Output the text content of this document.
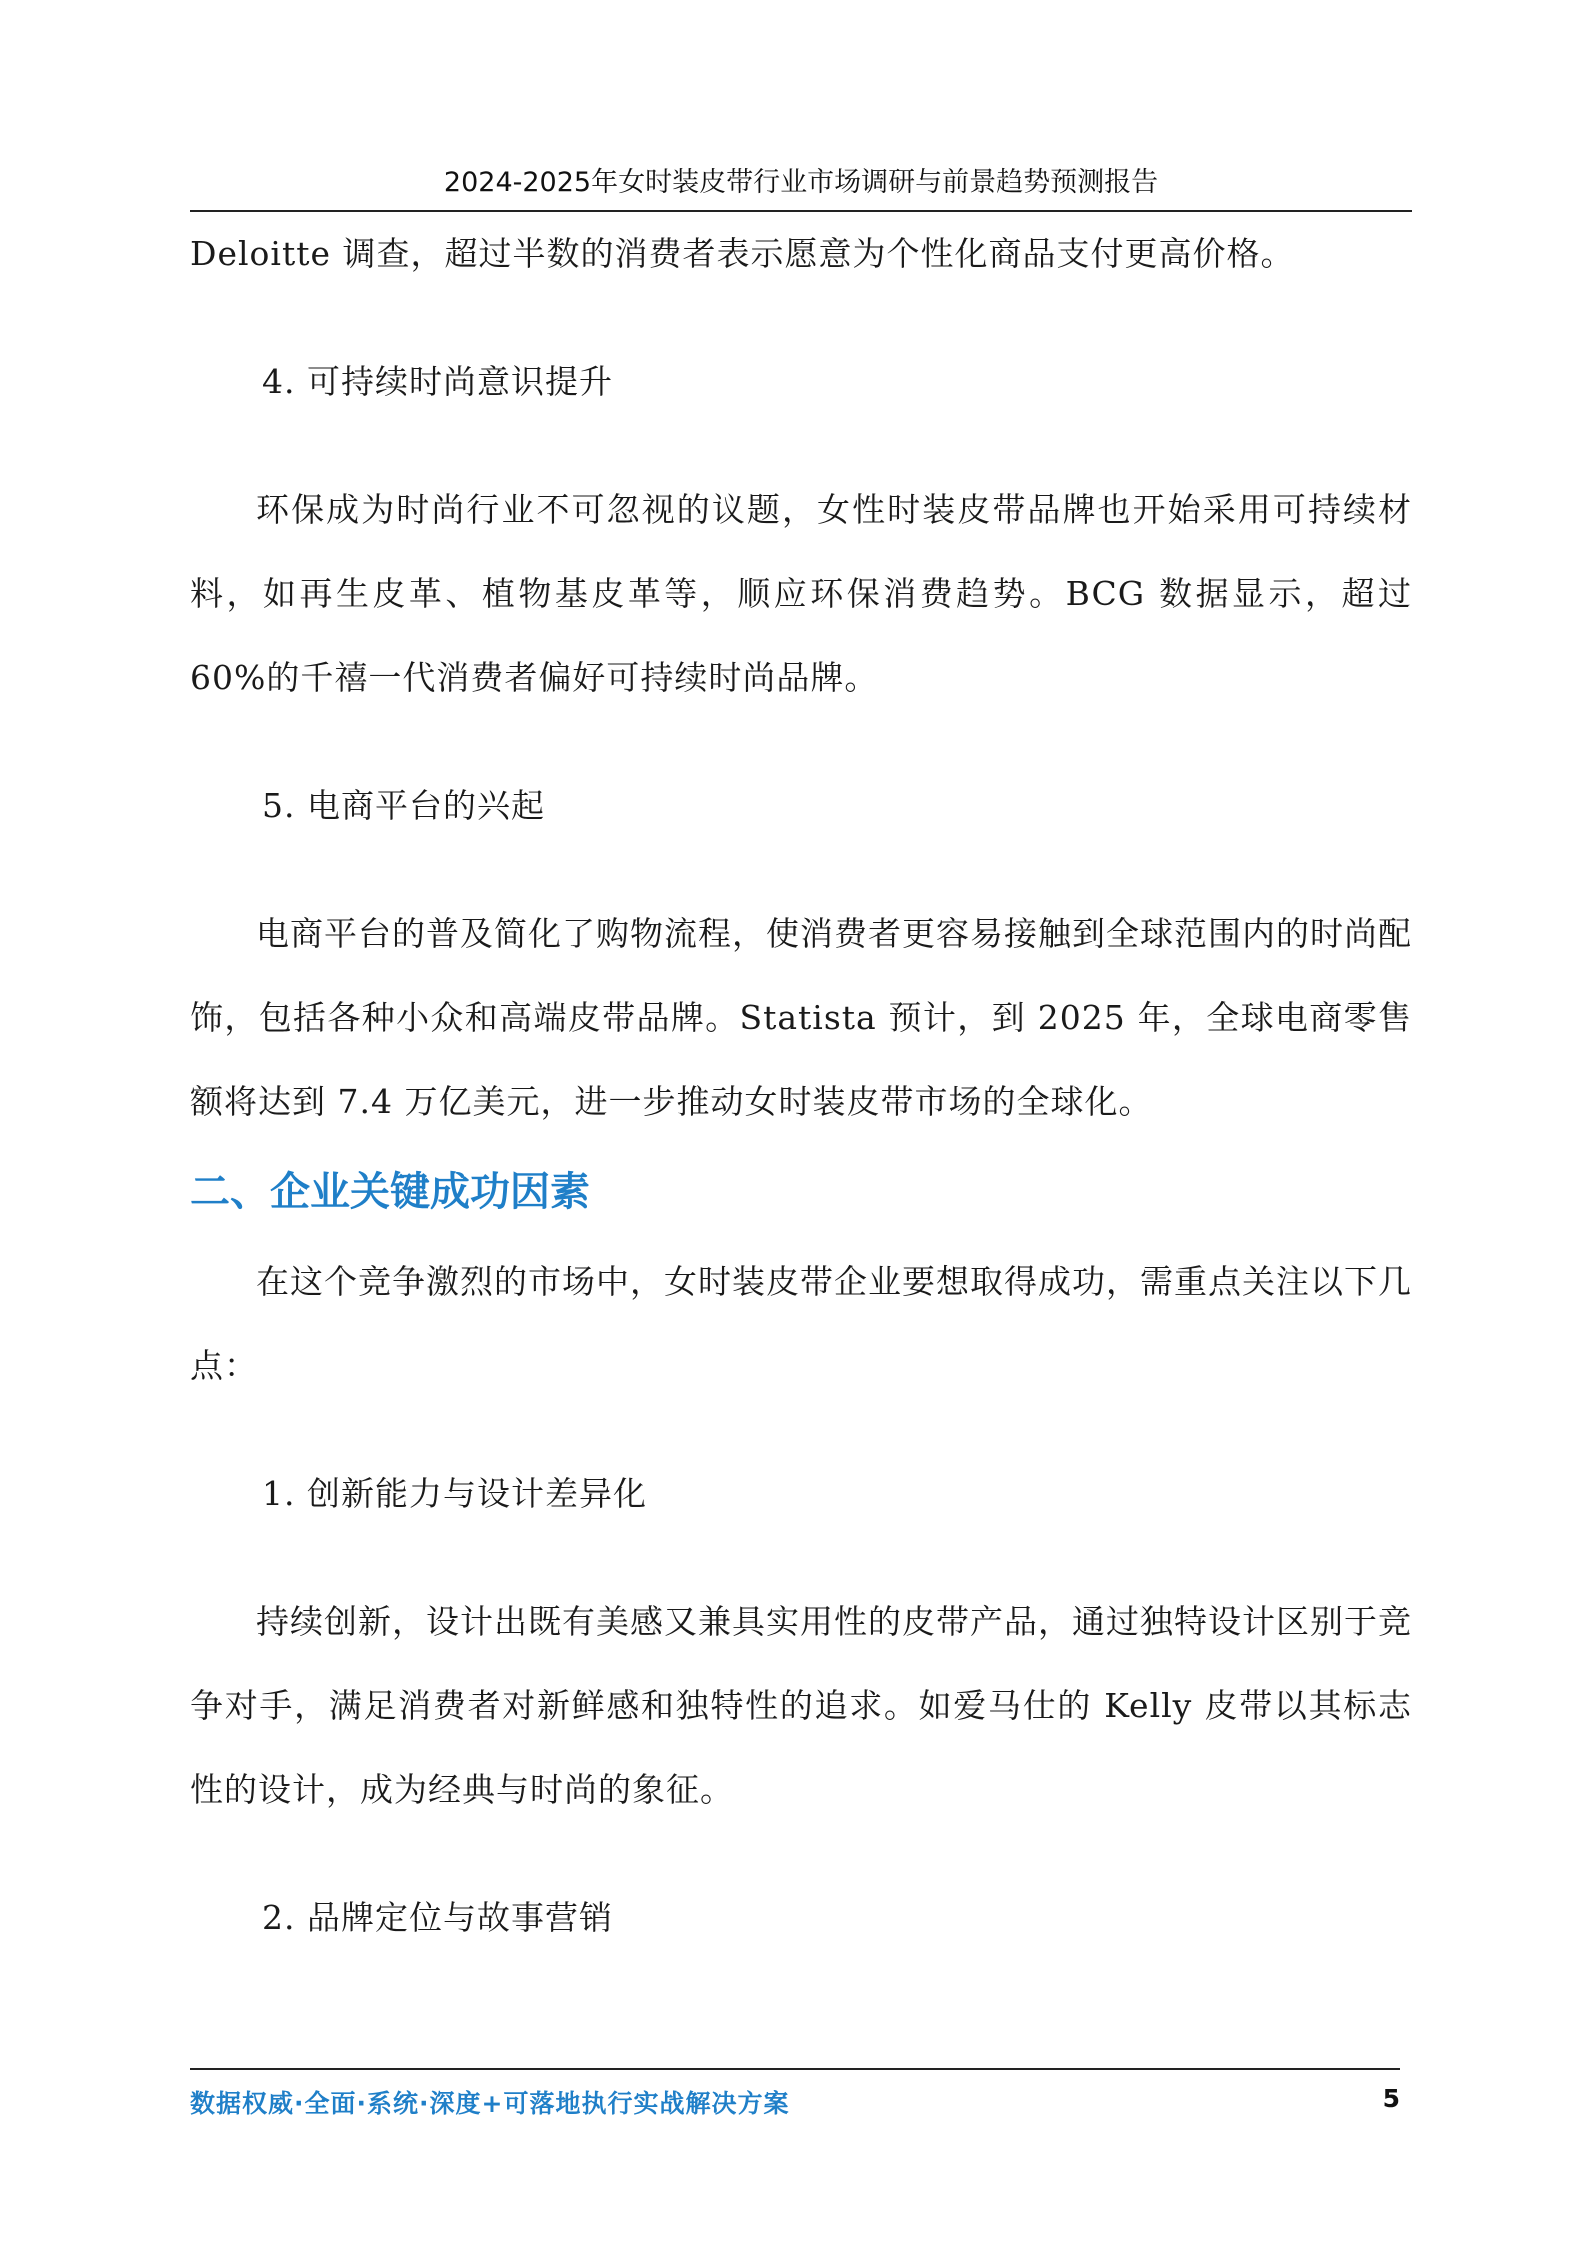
2024-2025年女时装皮带行业市场调研与前景趋势预测报告

Deloitte 调查，超过半数的消费者表示愿意为个性化商品支付更高价格。

4. 可持续时尚意识提升

环保成为时尚行业不可忽视的议题，女性时装皮带品牌也开始采用可持续材料，如再生皮革、植物基皮革等，顺应环保消费趋势。BCG 数据显示，超过 60%的千禧一代消费者偏好可持续时尚品牌。

5. 电商平台的兴起

电商平台的普及简化了购物流程，使消费者更容易接触到全球范围内的时尚配饰，包括各种小众和高端皮带品牌。Statista 预计，到 2025 年，全球电商零售额将达到 7.4 万亿美元，进一步推动女时装皮带市场的全球化。

二、企业关键成功因素

在这个竞争激烈的市场中，女时装皮带企业要想取得成功，需重点关注以下几点：

1. 创新能力与设计差异化

持续创新，设计出既有美感又兼具实用性的皮带产品，通过独特设计区别于竞争对手，满足消费者对新鲜感和独特性的追求。如爱马仕的 Kelly 皮带以其标志性的设计，成为经典与时尚的象征。

2. 品牌定位与故事营销

数据权威·全面·系统·深度+可落地执行实战解决方案	5
